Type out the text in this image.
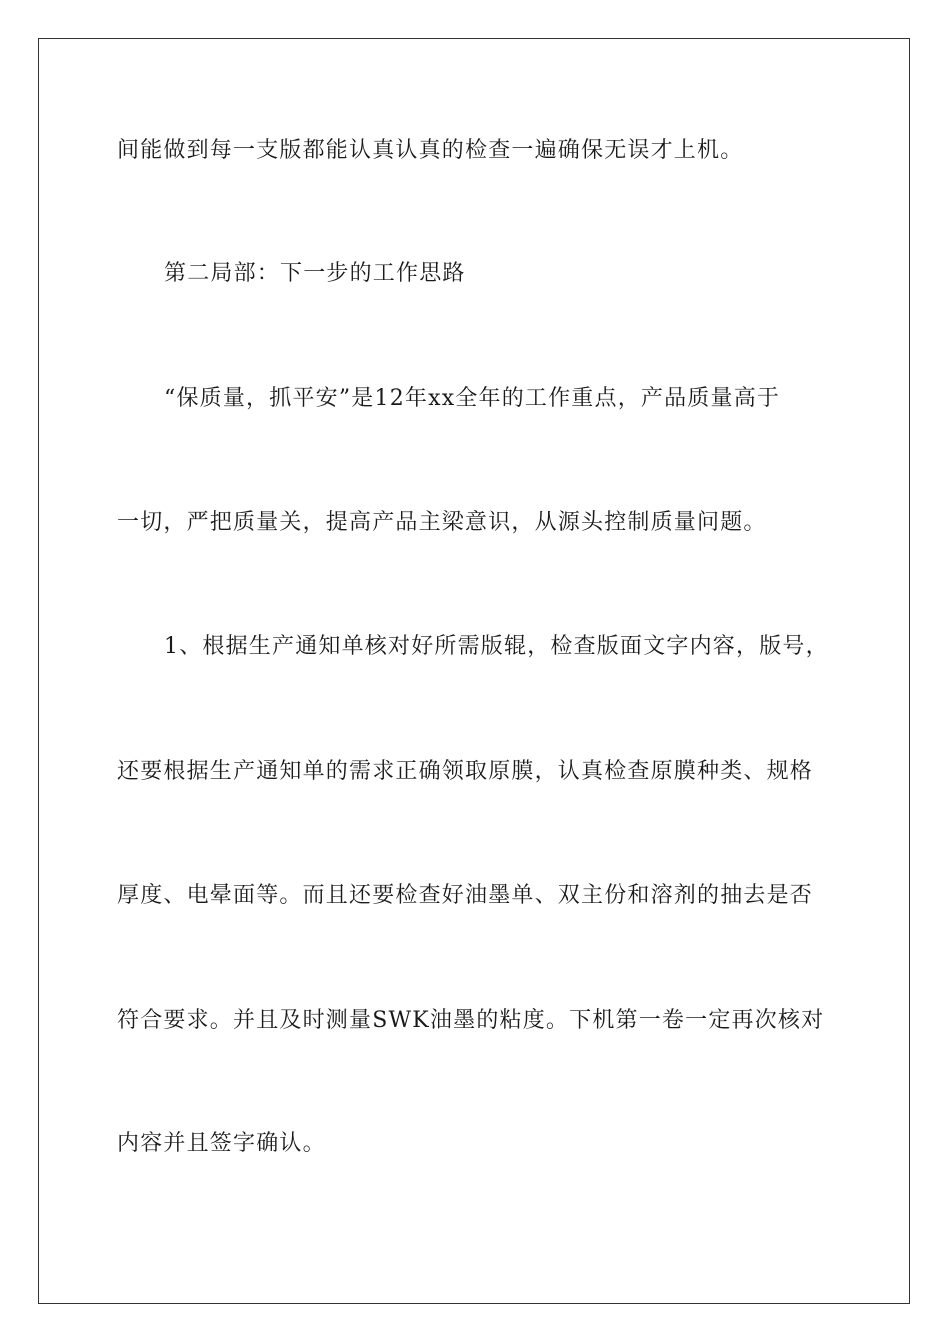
间能做到每一支版都能认真认真的检查一遍确保无误才上机。
第二局部：下一步的工作思路
“保质量，抓平安”是12年xx全年的工作重点，产品质量高于
一切，严把质量关，提高产品主梁意识，从源头控制质量问题。
1、根据生产通知单核对好所需版辊，检查版面文字内容，版号，
还要根据生产通知单的需求正确领取原膜，认真检查原膜种类、规格
厚度、电晕面等。而且还要检查好油墨单、双主份和溶剂的抽去是否
符合要求。并且及时测量SWK油墨的粘度。下机第一卷一定再次核对
内容并且签字确认。
